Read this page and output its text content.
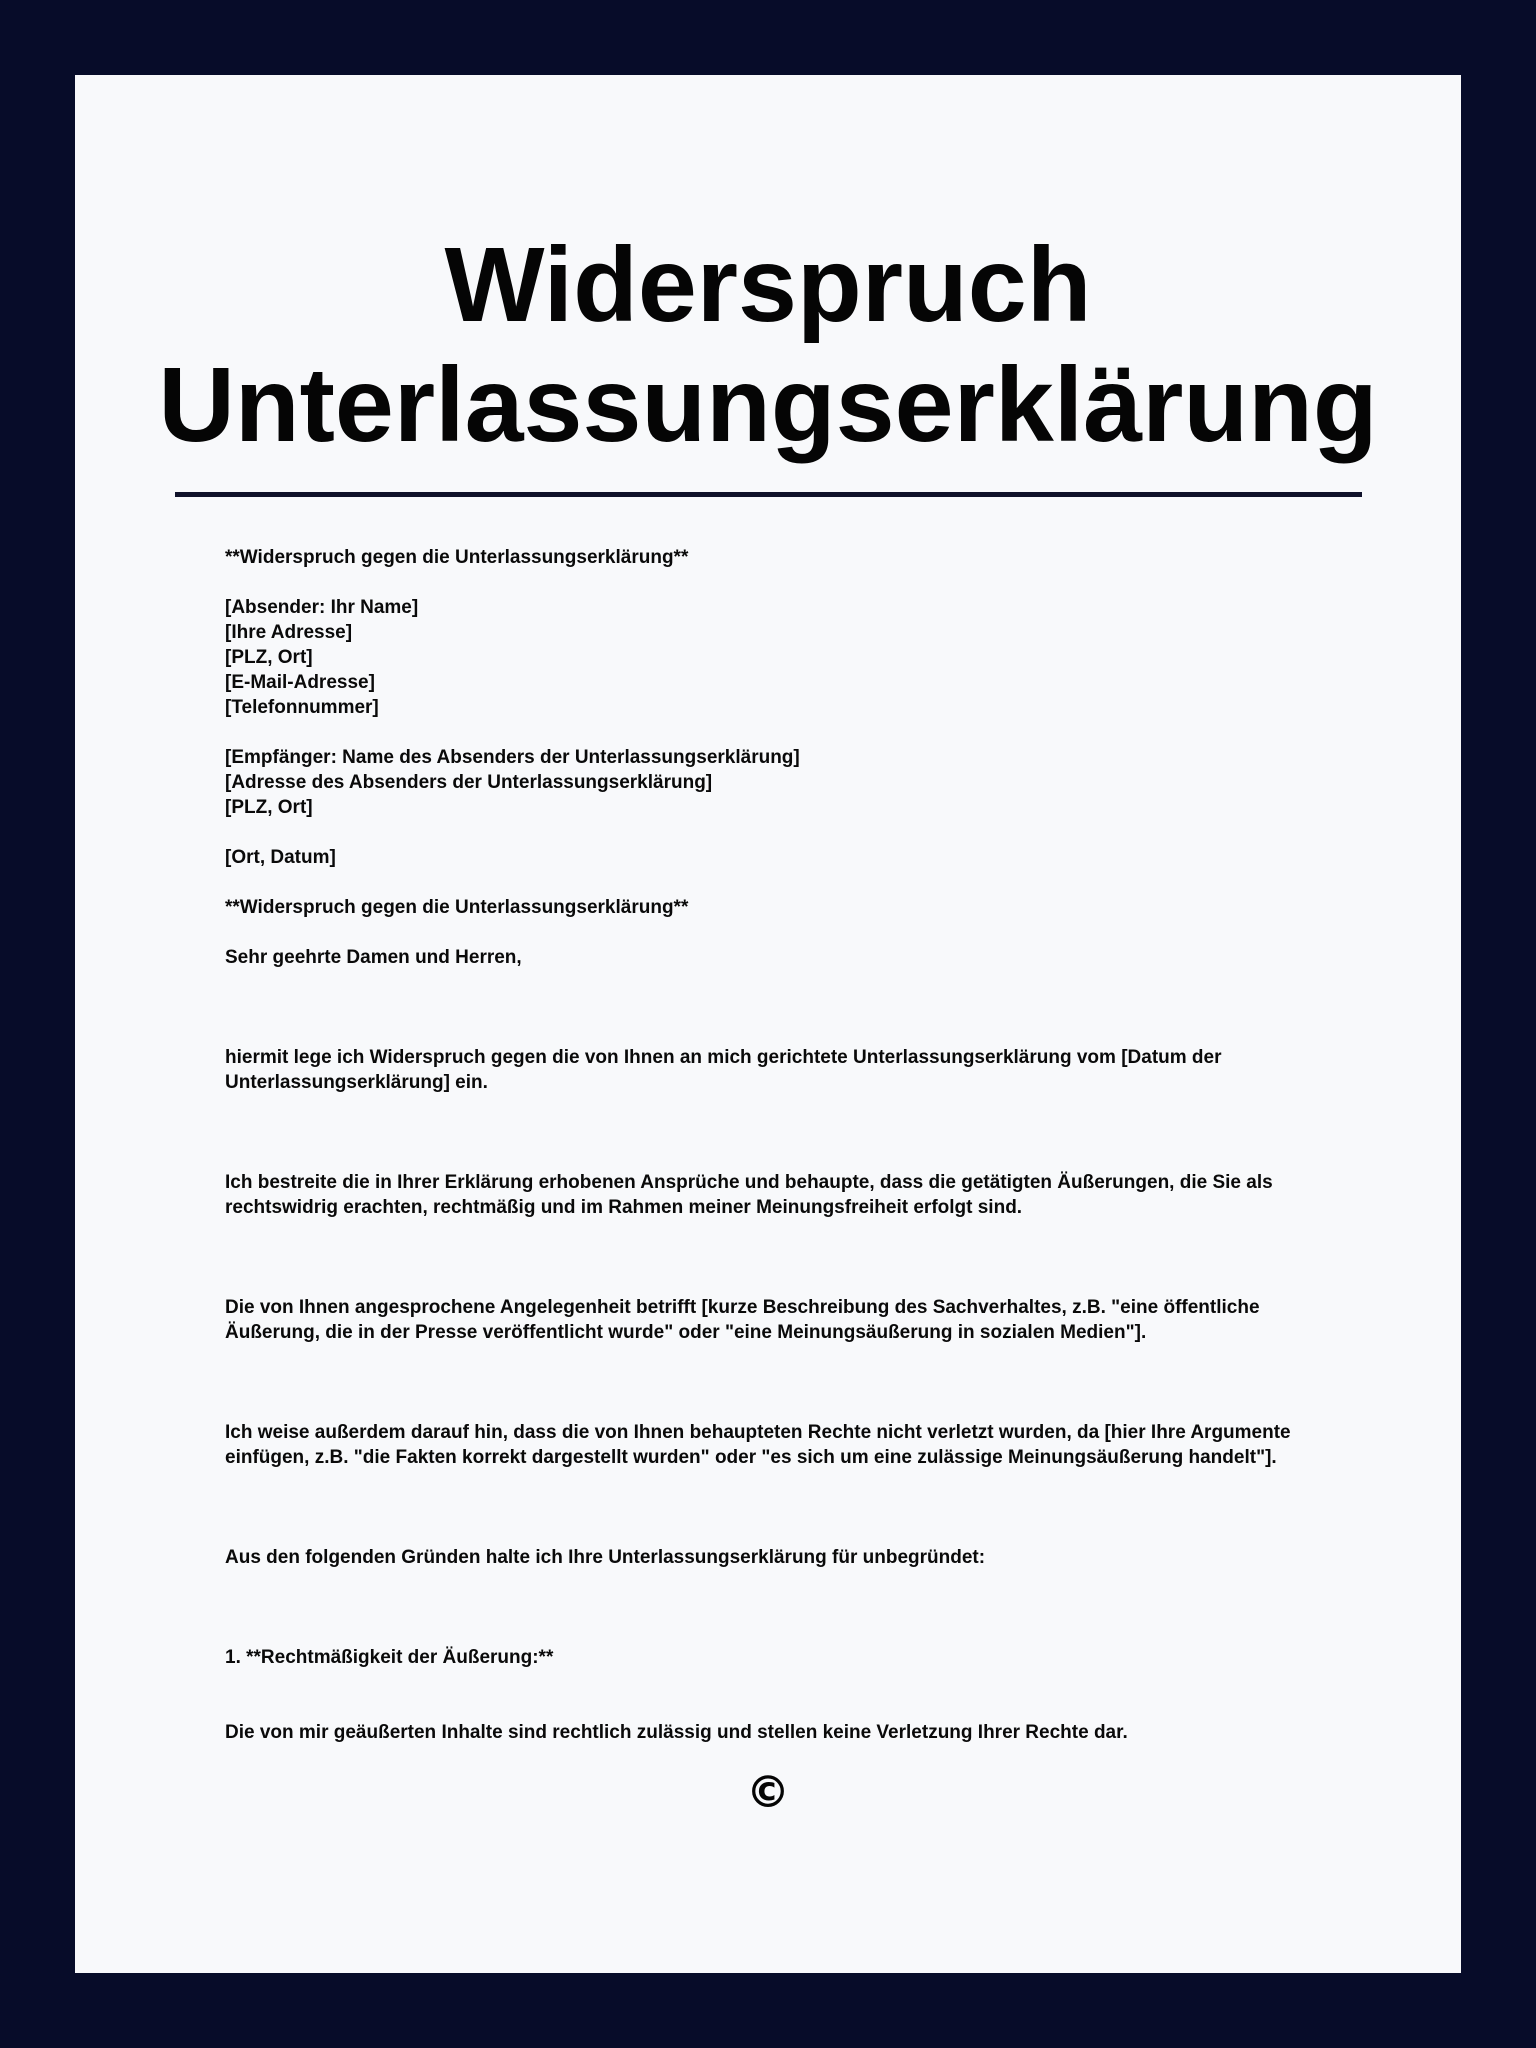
Widerspruch
Unterlassungserklärung
**Widerspruch gegen die Unterlassungserklärung**
[Absender: Ihr Name]
[Ihre Adresse]
[PLZ, Ort]
[E-Mail-Adresse]
[Telefonnummer]
[Empfänger: Name des Absenders der Unterlassungserklärung]
[Adresse des Absenders der Unterlassungserklärung]
[PLZ, Ort]
[Ort, Datum]
**Widerspruch gegen die Unterlassungserklärung**
Sehr geehrte Damen und Herren,
hiermit lege ich Widerspruch gegen die von Ihnen an mich gerichtete Unterlassungserklärung vom [Datum der
Unterlassungserklärung] ein.
Ich bestreite die in Ihrer Erklärung erhobenen Ansprüche und behaupte, dass die getätigten Äußerungen, die Sie als
rechtswidrig erachten, rechtmäßig und im Rahmen meiner Meinungsfreiheit erfolgt sind.
Die von Ihnen angesprochene Angelegenheit betrifft [kurze Beschreibung des Sachverhaltes, z.B. "eine öffentliche
Äußerung, die in der Presse veröffentlicht wurde" oder "eine Meinungsäußerung in sozialen Medien"].
Ich weise außerdem darauf hin, dass die von Ihnen behaupteten Rechte nicht verletzt wurden, da [hier Ihre Argumente
einfügen, z.B. "die Fakten korrekt dargestellt wurden" oder "es sich um eine zulässige Meinungsäußerung handelt"].
Aus den folgenden Gründen halte ich Ihre Unterlassungserklärung für unbegründet:
1. **Rechtmäßigkeit der Äußerung:**
Die von mir geäußerten Inhalte sind rechtlich zulässig und stellen keine Verletzung Ihrer Rechte dar.
©
